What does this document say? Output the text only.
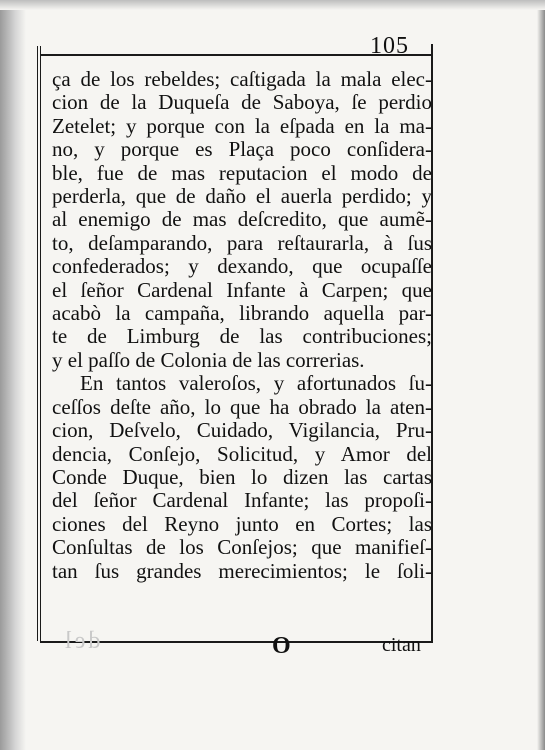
105
ça de los rebeldes; caſtigada la mala elec-
cion de la Duqueſa de Saboya, ſe perdio
Zetelet; y porque con la eſpada en la ma-
no, y porque es Plaça poco conſidera-
ble, fue de mas reputacion el modo de
perderla, que de daño el auerla perdido; y
al enemigo de mas deſcredito, que aumẽ-
to, deſamparando, para reſtaurarla, à ſus
confederados; y dexando, que ocupaſſe
el ſeñor Cardenal Infante à Carpen; que
acabò la campaña, librando aquella par-
te de Limburg de las contribuciones;
y el paſſo de Colonia de las correrias.
En tantos valeroſos, y afortunados ſu-
ceſſos deſte año, lo que ha obrado la aten-
cion, Deſvelo, Cuidado, Vigilancia, Pru-
dencia, Conſejo, Solicitud, y Amor del
Conde Duque, bien lo dizen las cartas
del ſeñor Cardenal Infante; las propoſi-
ciones del Reyno junto en Cortes; las
Conſultas de los Conſejos; que manifieſ-
tan ſus grandes merecimientos; le ſoli-
del	O	citan
